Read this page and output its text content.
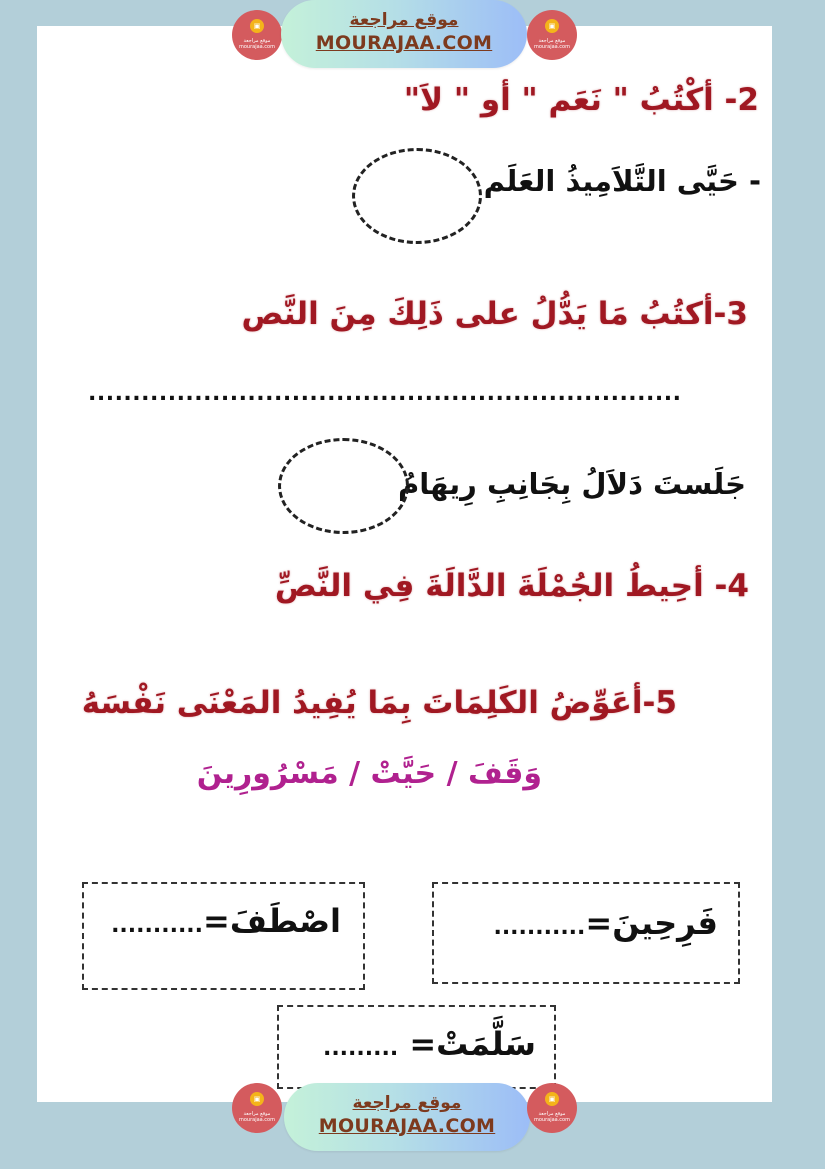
▣
موقع مراجعة
mourajaa.com
موقع مراجعة
MOURAJAA.COM
▣
موقع مراجعة
mourajaa.com
2- أكْتُبُ " نَعَم " أو " لاَ"
- حَيَّى التَّلاَمِيذُ العَلَم
3-أكتُبُ مَا يَدُّلُ على ذَلِكَ مِنَ النَّص
...................................................................
جَلَستَ دَلاَلُ بِجَانِبِ رِيهَامُ
4- أحِيطُ الجُمْلَةَ الدَّالَةَ فِي النَّصِّ
5-أعَوِّضُ الكَلِمَاتَ بِمَا يُفِيدُ المَعْنَى نَفْسَهُ
وَقَفَ / حَيَّتْ / مَسْرُورِينَ
فَرِحِينَ=...........
اصْطَفَ=...........
سَلَّمَتْ= .........
▣
موقع مراجعة
mourajaa.com
موقع مراجعة
MOURAJAA.COM
▣
موقع مراجعة
mourajaa.com
